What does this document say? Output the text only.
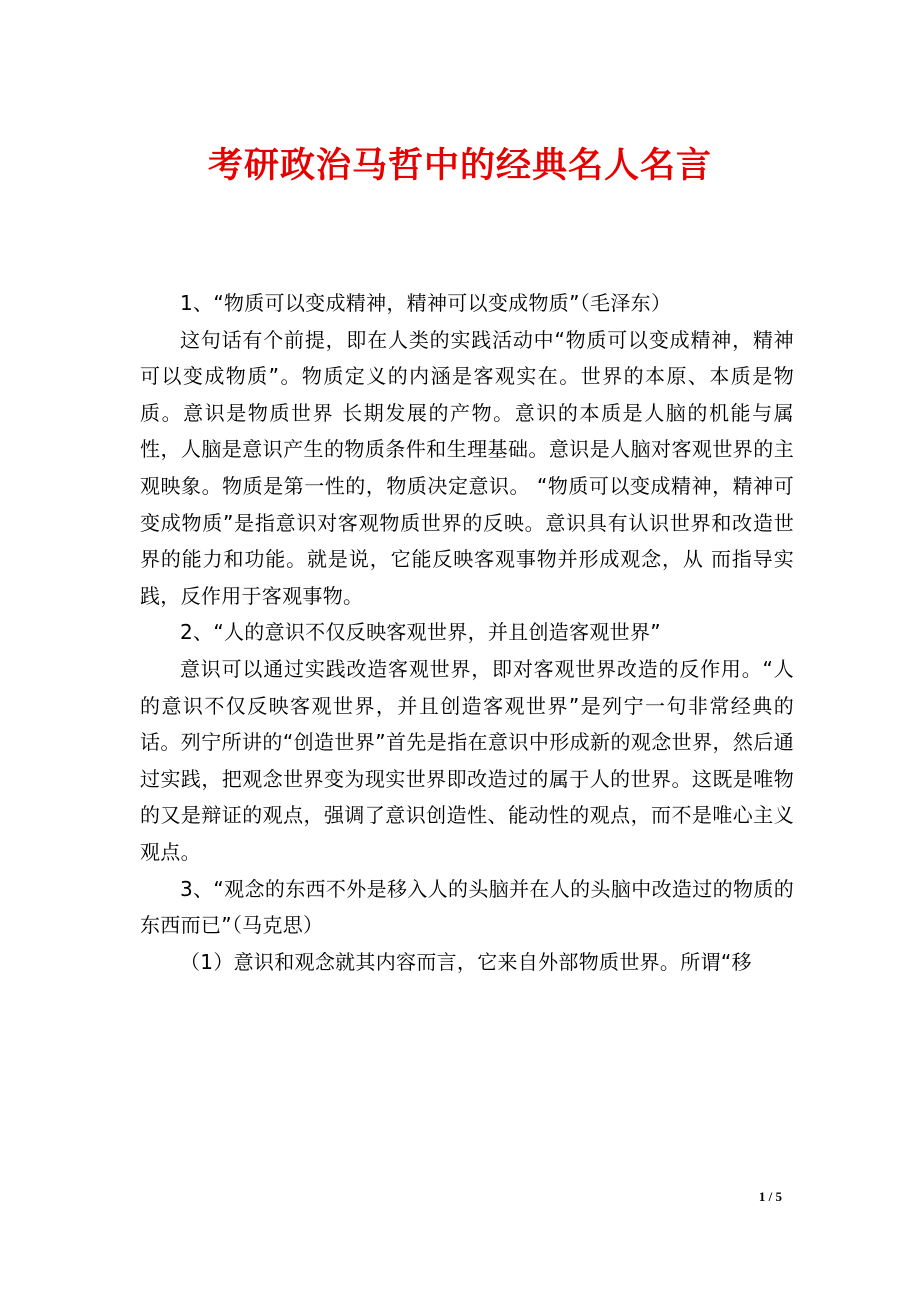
考研政治马哲中的经典名人名言

1、“物质可以变成精神，精神可以变成物质”（毛泽东）

这句话有个前提，即在人类的实践活动中“物质可以变成精神，精神可以变成物质”。物质定义的内涵是客观实在。世界的本原、本质是物质。意识是物质世界 长期发展的产物。意识的本质是人脑的机能与属性，人脑是意识产生的物质条件和生理基础。意识是人脑对客观世界的主观映象。物质是第一性的，物质决定意识。 “物质可以变成精神，精神可变成物质”是指意识对客观物质世界的反映。意识具有认识世界和改造世界的能力和功能。就是说，它能反映客观事物并形成观念，从 而指导实践，反作用于客观事物。

2、“人的意识不仅反映客观世界，并且创造客观世界”

意识可以通过实践改造客观世界，即对客观世界改造的反作用。“人的意识不仅反映客观世界，并且创造客观世界”是列宁一句非常经典的话。列宁所讲的“创造世界”首先是指在意识中形成新的观念世界，然后通过实践，把观念世界变为现实世界即改造过的属于人的世界。这既是唯物的又是辩证的观点，强调了意识创造性、能动性的观点，而不是唯心主义观点。

3、“观念的东西不外是移入人的头脑并在人的头脑中改造过的物质的东西而已”（马克思）

（1）意识和观念就其内容而言，它来自外部物质世界。所谓“移

1 / 5
